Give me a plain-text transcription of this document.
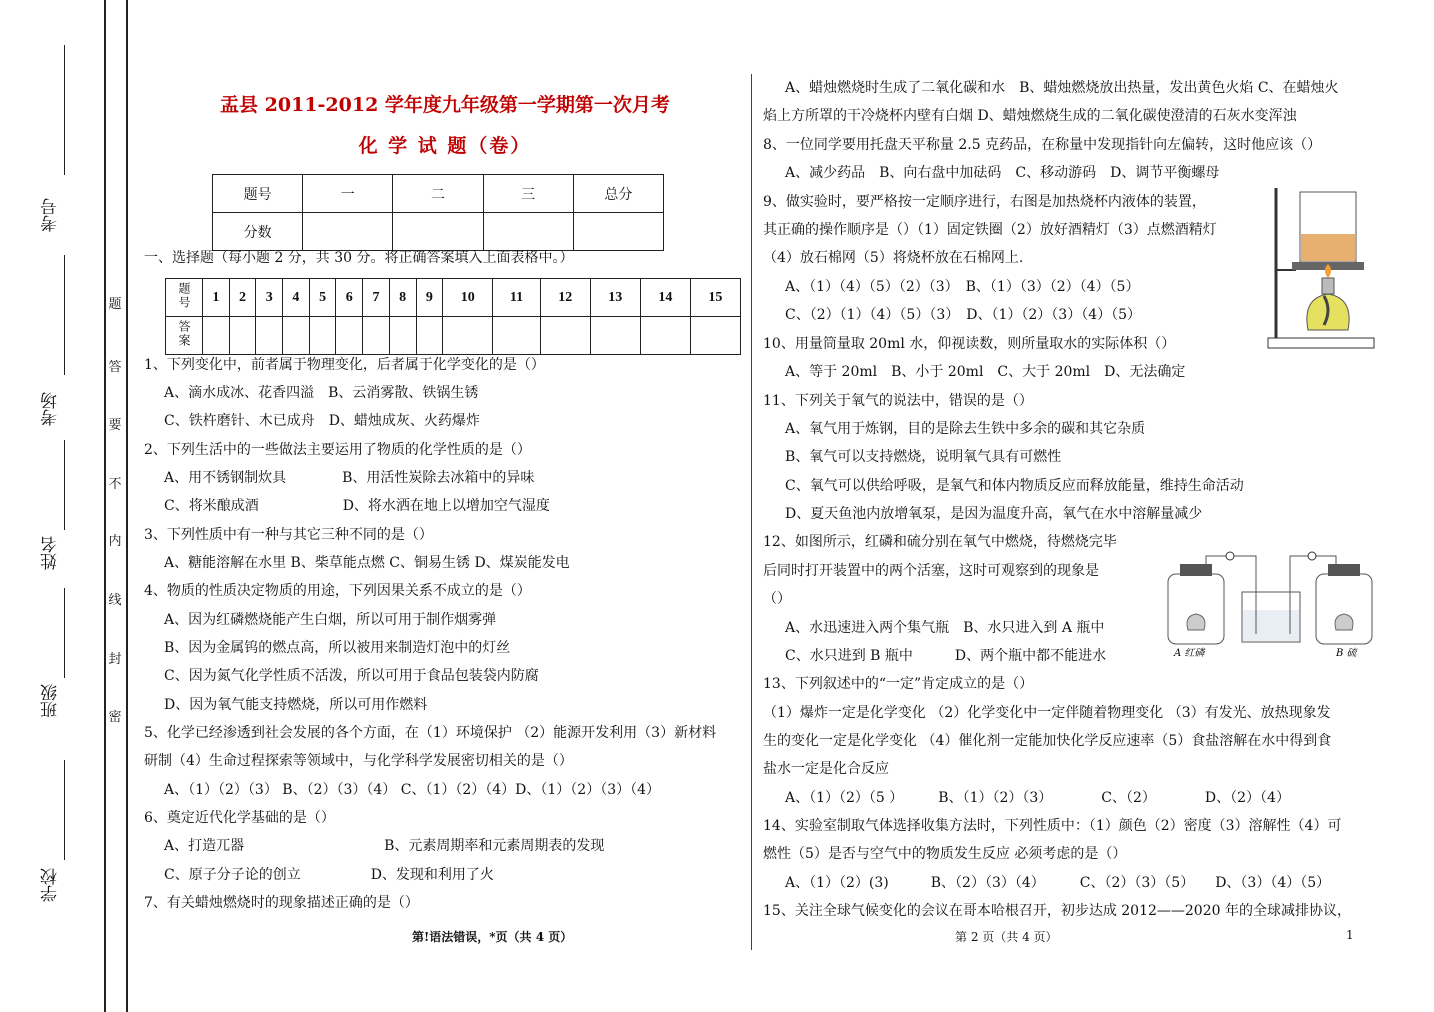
考号
考场
姓名
班级
学校
题
答
要
不
内
线
封
密
盂县 2011-2012 学年度九年级第一学期第一次月考
化 学 试 题（卷）
题号	一	二	三	总分
分数				
一、选择题（每小题 2 分，共 30 分。将正确答案填入上面表格中。）
题号	1	2	3	4	5	6	7	8	9	10	11	12	13	14	15
答案															
1、下列变化中，前者属于物理变化，后者属于化学变化的是（）
A、滴水成冰、花香四溢　B、云消雾散、铁锅生锈
C、铁杵磨针、木已成舟　D、蜡烛成灰、火药爆炸
2、下列生活中的一些做法主要运用了物质的化学性质的是（）
A、用不锈钢制炊具　　　　B、用活性炭除去冰箱中的异味
C、将米酿成酒　　　　　　D、将水洒在地上以增加空气湿度
3、下列性质中有一种与其它三种不同的是（）
A、糖能溶解在水里 B、柴草能点燃 C、铜易生锈 D、煤炭能发电
4、物质的性质决定物质的用途，下列因果关系不成立的是（）
A、因为红磷燃烧能产生白烟，所以可用于制作烟雾弹
B、因为金属钨的燃点高，所以被用来制造灯泡中的灯丝
C、因为氮气化学性质不活泼，所以可用于食品包装袋内防腐
D、因为氧气能支持燃烧，所以可用作燃料
5、化学已经渗透到社会发展的各个方面，在（1）环境保护 （2）能源开发利用（3）新材料
研制（4）生命过程探索等领域中，与化学科学发展密切相关的是（）
A、（1）（2）（3） B、（2）（3）（4） C、（1）（2）（4）D、（1）（2）（3）（4）
6、奠定近代化学基础的是（）
A、打造兀器　　　　　　　　　　B、元素周期率和元素周期表的发现
C、原子分子论的创立　　　　　D、发现和利用了火
7、有关蜡烛燃烧时的现象描述正确的是（）
A、蜡烛燃烧时生成了二氧化碳和水　B、蜡烛燃烧放出热量，发出黄色火焰 C、在蜡烛火
焰上方所罩的干冷烧杯内壁有白烟 D、蜡烛燃烧生成的二氧化碳使澄清的石灰水变浑浊
8、一位同学要用托盘天平称量 2.5 克药品，在称量中发现指针向左偏转，这时他应该（）
A、减少药品　B、向右盘中加砝码　C、移动游码　D、调节平衡螺母
9、做实验时，要严格按一定顺序进行，右图是加热烧杯内液体的装置，
其正确的操作顺序是（）（1）固定铁圈（2）放好酒精灯（3）点燃酒精灯
（4）放石棉网（5）将烧杯放在石棉网上.
A、（1）（4）（5）（2）（3）　B、（1）（3）（2）（4）（5）
C、（2）（1）（4）（5）（3）　D、（1）（2）（3）（4）（5）
10、用量筒量取 20ml 水，仰视读数，则所量取水的实际体积（）
A、等于 20ml　B、小于 20ml　C、大于 20ml　D、无法确定
11、下列关于氧气的说法中，错误的是（）
A、氧气用于炼钢，目的是除去生铁中多余的碳和其它杂质
B、氧气可以支持燃烧，说明氧气具有可燃性
C、氧气可以供给呼吸，是氧气和体内物质反应而释放能量，维持生命活动
D、夏天鱼池内放增氧泵，是因为温度升高，氧气在水中溶解量减少
12、如图所示，红磷和硫分别在氧气中燃烧，待燃烧完毕
后同时打开装置中的两个活塞，这时可观察到的现象是
（）
A、水迅速进入两个集气瓶　B、水只进入到 A 瓶中
C、水只进到 B 瓶中　　　D、两个瓶中都不能进水
13、下列叙述中的“一定”肯定成立的是（）
（1）爆炸一定是化学变化 （2）化学变化中一定伴随着物理变化 （3）有发光、放热现象发
生的变化一定是化学变化 （4）催化剂一定能加快化学反应速率（5）食盐溶解在水中得到食
盐水一定是化合反应
A、（1）（2）（5 ）　　　B、（1）（2）（3）　　　　C、（2）　　　　D、（2）（4）
14、实验室制取气体选择收集方法时，下列性质中：（1）颜色（2）密度（3）溶解性（4）可
燃性（5）是否与空气中的物质发生反应 必须考虑的是（）
A、（1）（2）(3)　　　B、（2）（3）（4）　　　C、（2）（3）（5）　　D、（3）（4）（5）
15、关注全球气候变化的会议在哥本哈根召开，初步达成 2012——2020 年的全球减排协议，
A 红磷	B 硫
第!语法错误，*页（共 4 页）	第 2 页（共 4 页）	1
